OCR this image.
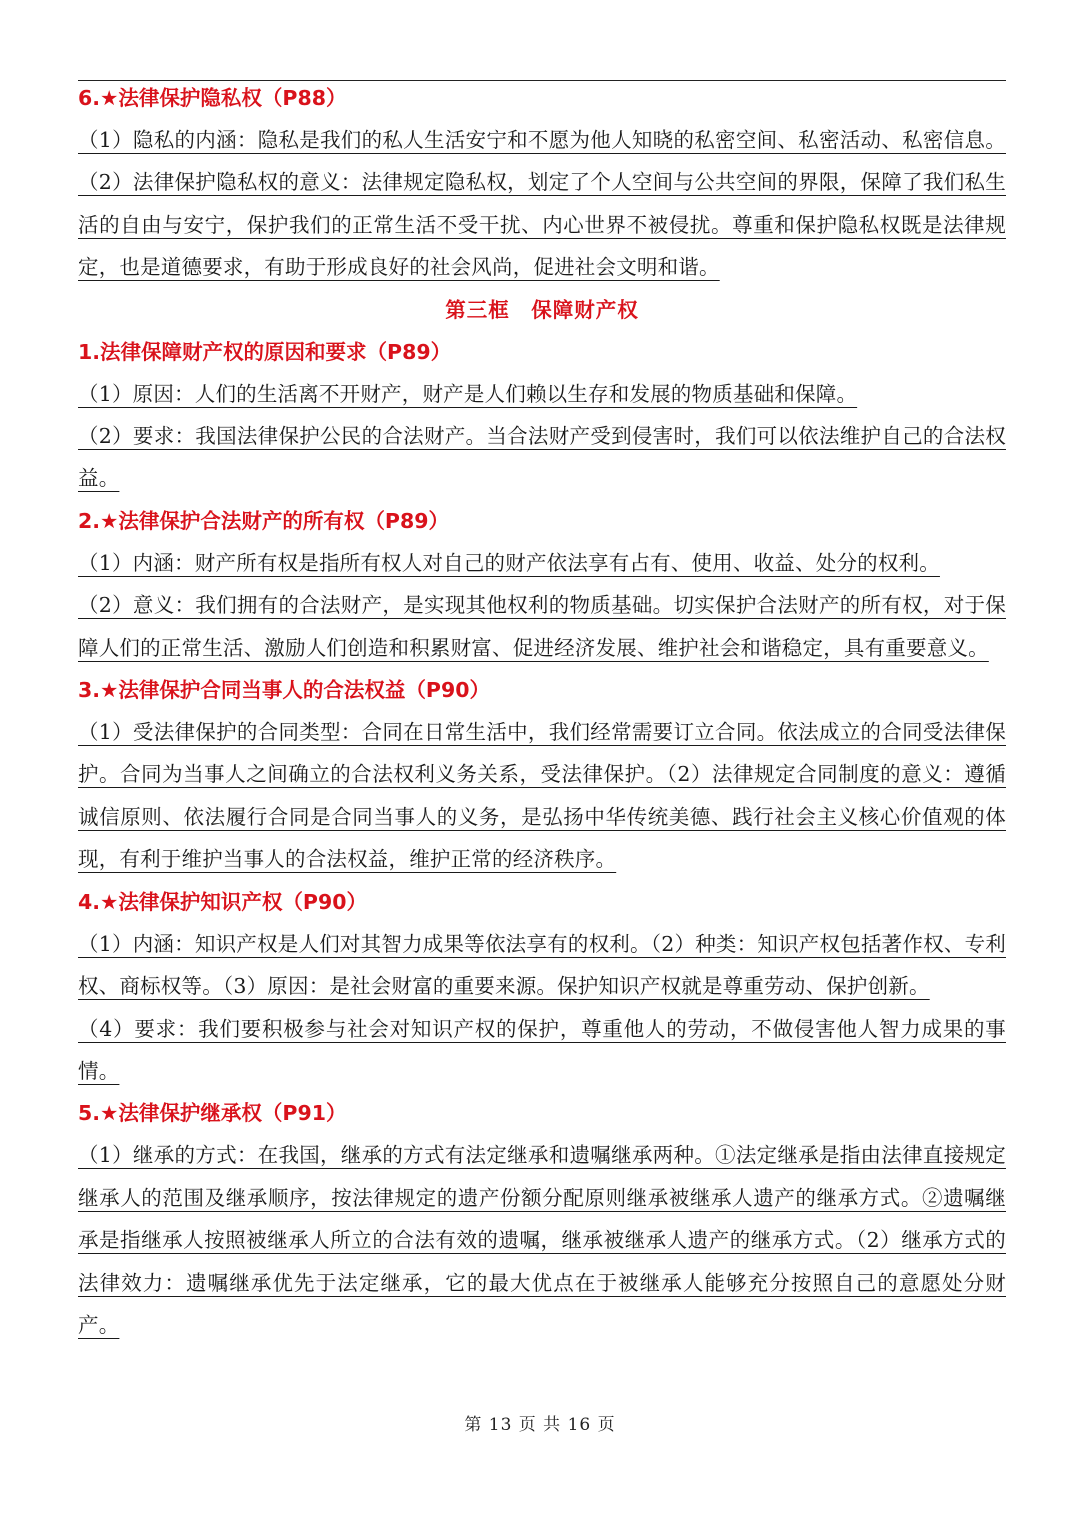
6.★法律保护隐私权（P88）
（1）隐私的内涵：隐私是我们的私人生活安宁和不愿为他人知晓的私密空间、私密活动、私密信息。（2）法律保护隐私权的意义：法律规定隐私权，划定了个人空间与公共空间的界限，保障了我们私生活的自由与安宁，保护我们的正常生活不受干扰、内心世界不被侵扰。尊重和保护隐私权既是法律规定，也是道德要求，有助于形成良好的社会风尚，促进社会文明和谐。
第三框　保障财产权
1.法律保障财产权的原因和要求（P89）
（1）原因：人们的生活离不开财产，财产是人们赖以生存和发展的物质基础和保障。
（2）要求：我国法律保护公民的合法财产。当合法财产受到侵害时，我们可以依法维护自己的合法权益。
2.★法律保护合法财产的所有权（P89）
（1）内涵：财产所有权是指所有权人对自己的财产依法享有占有、使用、收益、处分的权利。
（2）意义：我们拥有的合法财产，是实现其他权利的物质基础。切实保护合法财产的所有权，对于保障人们的正常生活、激励人们创造和积累财富、促进经济发展、维护社会和谐稳定，具有重要意义。
3.★法律保护合同当事人的合法权益（P90）
（1）受法律保护的合同类型：合同在日常生活中，我们经常需要订立合同。依法成立的合同受法律保护。合同为当事人之间确立的合法权利义务关系，受法律保护。（2）法律规定合同制度的意义：遵循诚信原则、依法履行合同是合同当事人的义务，是弘扬中华传统美德、践行社会主义核心价值观的体现，有利于维护当事人的合法权益，维护正常的经济秩序。
4.★法律保护知识产权（P90）
（1）内涵：知识产权是人们对其智力成果等依法享有的权利。（2）种类：知识产权包括著作权、专利权、商标权等。（3）原因：是社会财富的重要来源。保护知识产权就是尊重劳动、保护创新。
（4）要求：我们要积极参与社会对知识产权的保护，尊重他人的劳动，不做侵害他人智力成果的事情。
5.★法律保护继承权（P91）
（1）继承的方式：在我国，继承的方式有法定继承和遗嘱继承两种。①法定继承是指由法律直接规定继承人的范围及继承顺序，按法律规定的遗产份额分配原则继承被继承人遗产的继承方式。②遗嘱继承是指继承人按照被继承人所立的合法有效的遗嘱，继承被继承人遗产的继承方式。（2）继承方式的法律效力：遗嘱继承优先于法定继承，它的最大优点在于被继承人能够充分按照自己的意愿处分财产。
第 13 页 共 16 页
